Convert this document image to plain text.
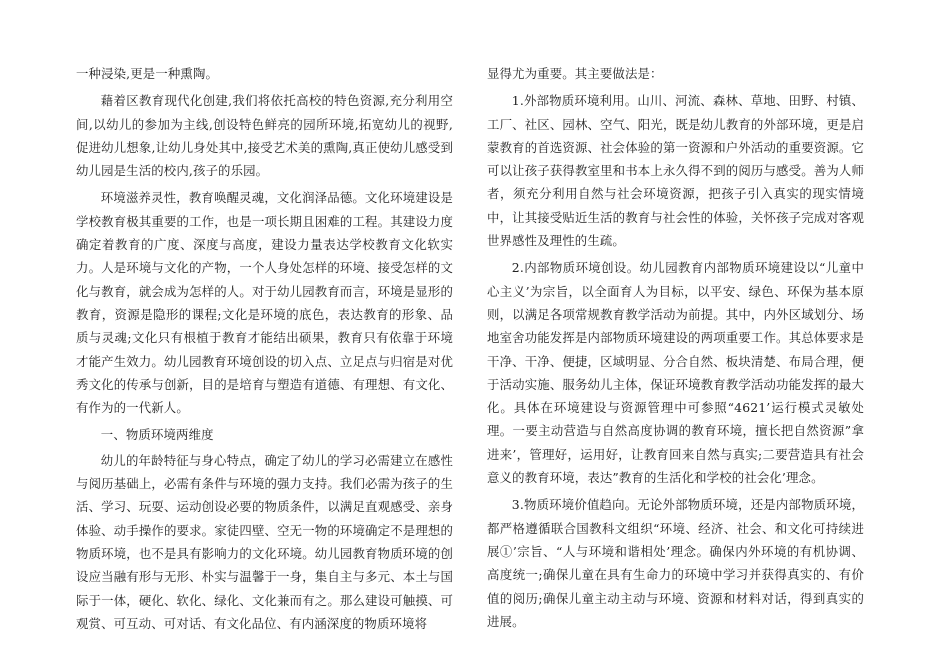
一种浸染,更是一种熏陶。

藉着区教育现代化创建,我们将依托高校的特色资源,充分利用空间,以幼儿的参加为主线,创设特色鲜亮的园所环境,拓宽幼儿的视野,促进幼儿想象,让幼儿身处其中,接受艺术美的熏陶,真正使幼儿感受到幼儿园是生活的校内,孩子的乐园。

环境滋养灵性，教育唤醒灵魂，文化润泽品德。文化环境建设是学校教育极其重要的工作，也是一项长期且困难的工程。其建设力度确定着教育的广度、深度与高度，建设力量表达学校教育文化软实力。人是环境与文化的产物，一个人身处怎样的环境、接受怎样的文化与教育，就会成为怎样的人。对于幼儿园教育而言，环境是显形的教育，资源是隐形的课程;文化是环境的底色，表达教育的形象、品质与灵魂;文化只有根植于教育才能结出硕果，教育只有依靠于环境才能产生效力。幼儿园教育环境创设的切入点、立足点与归宿是对优秀文化的传承与创新，目的是培育与塑造有道德、有理想、有文化、有作为的一代新人。

一、物质环境两维度

幼儿的年龄特征与身心特点，确定了幼儿的学习必需建立在感性与阅历基础上，必需有条件与环境的强力支持。我们必需为孩子的生活、学习、玩耍、运动创设必要的物质条件，以满足直观感受、亲身体验、动手操作的要求。家徒四壁、空无一物的环境确定不是理想的物质环境，也不是具有影响力的文化环境。幼儿园教育物质环境的创设应当融有形与无形、朴实与温馨于一身，集自主与多元、本土与国际于一体，硬化、软化、绿化、文化兼而有之。那么建设可触摸、可观赏、可互动、可对话、有文化品位、有内涵深度的物质环境将

显得尤为重要。其主要做法是：

1.外部物质环境利用。山川、河流、森林、草地、田野、村镇、工厂、社区、园林、空气、阳光，既是幼儿教育的外部环境，更是启蒙教育的首选资源、社会体验的第一资源和户外活动的重要资源。它可以让孩子获得教室里和书本上永久得不到的阅历与感受。善为人师者，须充分利用自然与社会环境资源，把孩子引入真实的现实情境中，让其接受贴近生活的教育与社会性的体验，关怀孩子完成对客观世界感性及理性的生疏。

2.内部物质环境创设。幼儿园教育内部物质环境建设以“儿童中心主义’为宗旨，以全面育人为目标，以平安、绿色、环保为基本原则，以满足各项常规教育教学活动为前提。其中，内外区域划分、场地室舍功能发挥是内部物质环境建设的两项重要工作。其总体要求是干净、干净、便捷，区域明显、分合自然、板块清楚、布局合理，便于活动实施、服务幼儿主体，保证环境教育教学活动功能发挥的最大化。具体在环境建设与资源管理中可参照“4621’运行模式灵敏处理。一要主动营造与自然高度协调的教育环境，擅长把自然资源”拿进来’，管理好，运用好，让教育回来自然与真实;二要营造具有社会意义的教育环境，表达”教育的生活化和学校的社会化’理念。

3.物质环境价值趋向。无论外部物质环境，还是内部物质环境，都严格遵循联合国教科文组织“环境、经济、社会、和文化可持续进展①’宗旨、“人与环境和谐相处’理念。确保内外环境的有机协调、高度统一;确保儿童在具有生命力的环境中学习并获得真实的、有价值的阅历;确保儿童主动主动与环境、资源和材料对话，得到真实的进展。
